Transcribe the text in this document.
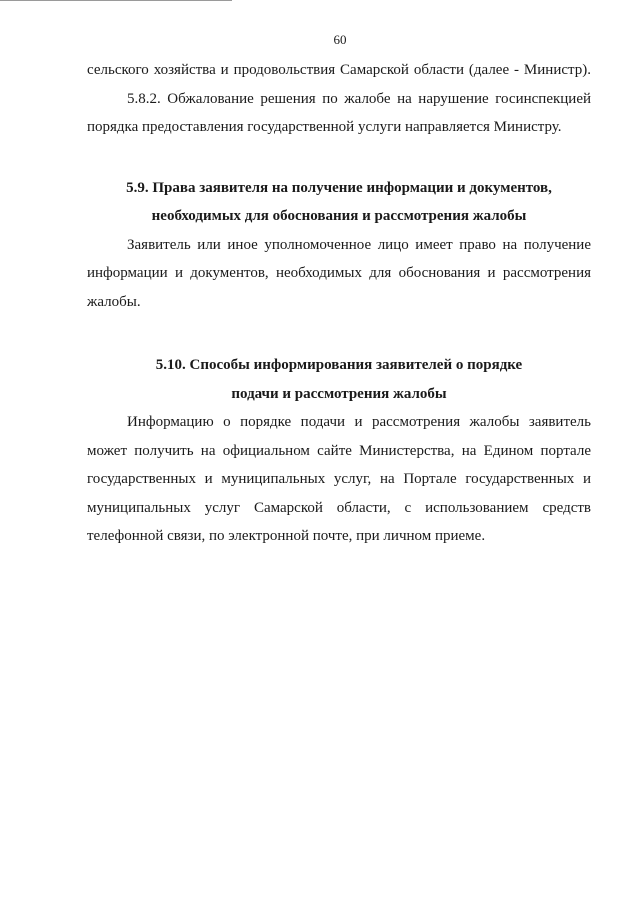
60

сельского хозяйства и продовольствия Самарской области (далее - Министр).

5.8.2. Обжалование решения по жалобе на нарушение госинспекцией порядка предоставления государственной услуги направляется Министру.

5.9. Права заявителя на получение информации и документов,
необходимых для обоснования и рассмотрения жалобы

Заявитель или иное уполномоченное лицо имеет право на получение информации и документов, необходимых для обоснования и рассмотрения жалобы.

5.10. Способы информирования заявителей о порядке
подачи и рассмотрения жалобы

Информацию о порядке подачи и рассмотрения жалобы заявитель может получить на официальном сайте Министерства, на Едином портале государственных и муниципальных услуг, на Портале государственных и муниципальных услуг Самарской области, с использованием средств телефонной связи, по электронной почте, при личном приеме.
